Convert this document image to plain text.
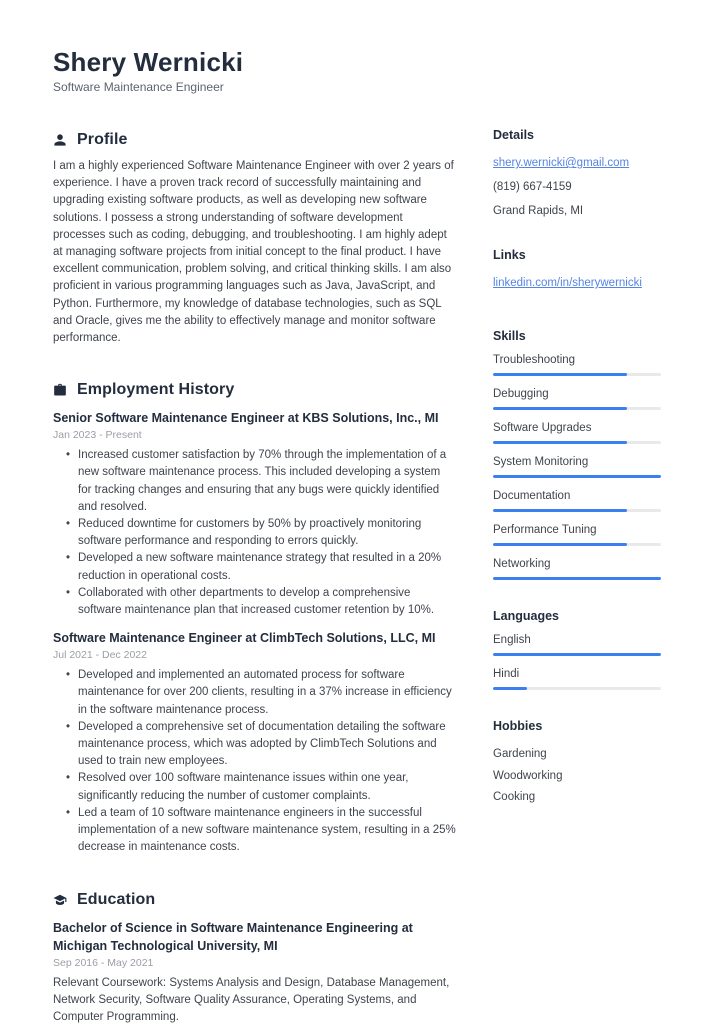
Shery Wernicki
Software Maintenance Engineer
Profile

I am a highly experienced Software Maintenance Engineer with over 2 years of experience. I have a proven track record of successfully maintaining and upgrading existing software products, as well as developing new software solutions. I possess a strong understanding of software development processes such as coding, debugging, and troubleshooting. I am highly adept at managing software projects from initial concept to the final product. I have excellent communication, problem solving, and critical thinking skills. I am also proficient in various programming languages such as Java, JavaScript, and Python. Furthermore, my knowledge of database technologies, such as SQL and Oracle, gives me the ability to effectively manage and monitor software performance.

Employment History
Senior Software Maintenance Engineer at KBS Solutions, Inc., MI
Jan 2023 - Present
• Increased customer satisfaction by 70% through the implementation of a new software maintenance process. This included developing a system for tracking changes and ensuring that any bugs were quickly identified and resolved.
• Reduced downtime for customers by 50% by proactively monitoring software performance and responding to errors quickly.
• Developed a new software maintenance strategy that resulted in a 20% reduction in operational costs.
• Collaborated with other departments to develop a comprehensive software maintenance plan that increased customer retention by 10%.
Software Maintenance Engineer at ClimbTech Solutions, LLC, MI
Jul 2021 - Dec 2022
• Developed and implemented an automated process for software maintenance for over 200 clients, resulting in a 37% increase in efficiency in the software maintenance process.
• Developed a comprehensive set of documentation detailing the software maintenance process, which was adopted by ClimbTech Solutions and used to train new employees.
• Resolved over 100 software maintenance issues within one year, significantly reducing the number of customer complaints.
• Led a team of 10 software maintenance engineers in the successful implementation of a new software maintenance system, resulting in a 25% decrease in maintenance costs.
Education
Bachelor of Science in Software Maintenance Engineering at Michigan Technological University, MI
Sep 2016 - May 2021

Relevant Coursework: Systems Analysis and Design, Database Management, Network Security, Software Quality Assurance, Operating Systems, and Computer Programming.

Details
shery.wernicki@gmail.com
(819) 667-4159
Grand Rapids, MI
Links
linkedin.com/in/sherywernicki
Skills
Troubleshooting
Debugging
Software Upgrades
System Monitoring
Documentation
Performance Tuning
Networking
Languages
English
Hindi
Hobbies
Gardening
Woodworking
Cooking
